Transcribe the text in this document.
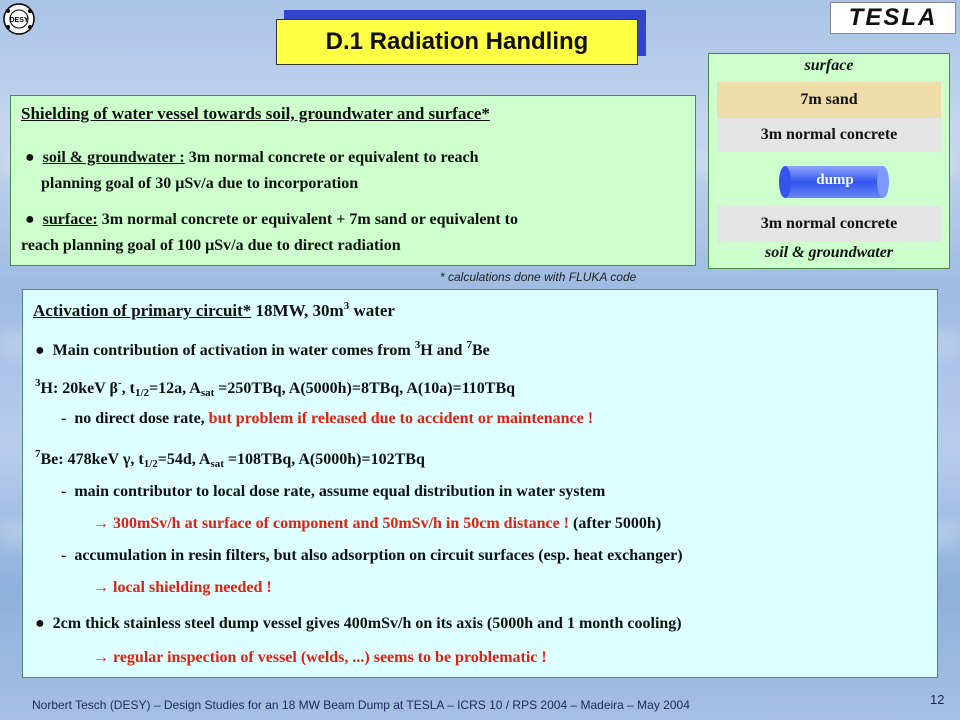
DESY	TESLA
D.1 Radiation Handling
Shielding of water vessel towards soil, groundwater and surface*
● soil & groundwater : 3m normal concrete or equivalent to reach
planning goal of 30 μSv/a due to incorporation
● surface: 3m normal concrete or equivalent + 7m sand or equivalent to
reach planning goal of 100 μSv/a due to direct radiation
surface
7m sand
3m normal concrete
dump
3m normal concrete
soil & groundwater
* calculations done with FLUKA code
Activation of primary circuit* 18MW, $30m^3$ water
● Main contribution of activation in water comes from $^3$H and $^7$Be
$^3$H: 20keV β-, $t_{1/2}=12a$, $A_{sat} =250TBq$, A(5000h)=8TBq, A(10a)=110TBq
-  no direct dose rate, but problem if released due to accident or maintenance !
$^7$Be: 478keV γ, $t_{1/2}=54d$, $A_{sat} =108TBq$, A(5000h)=102TBq
-  main contributor to local dose rate, assume equal distribution in water system
→ 300mSv/h at surface of component and 50mSv/h in 50cm distance ! (after 5000h)
-  accumulation in resin filters, but also adsorption on circuit surfaces (esp. heat exchanger)
→ local shielding needed !
● 2cm thick stainless steel dump vessel gives 400mSv/h on its axis (5000h and 1 month cooling)
→ regular inspection of vessel (welds, ...) seems to be problematic !
Norbert Tesch (DESY) – Design Studies for an 18 MW Beam Dump at TESLA – ICRS 10 / RPS 2004 – Madeira – May 2004	12
